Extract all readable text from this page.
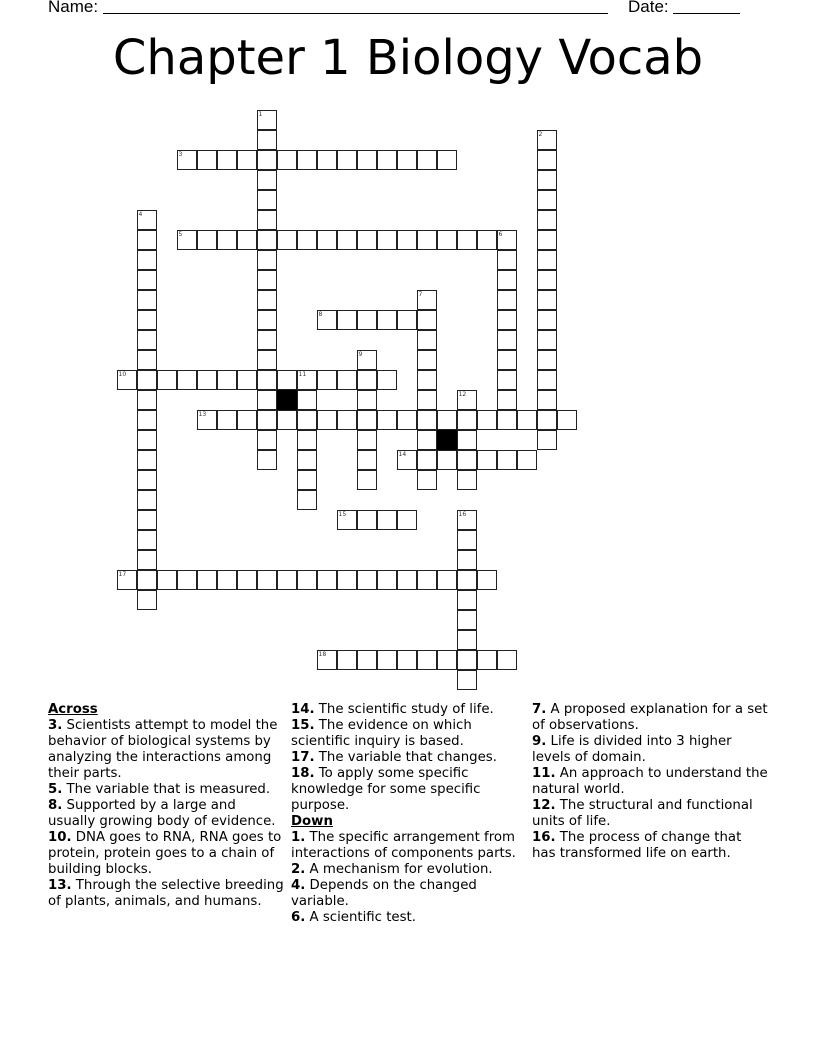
Name:	Date:
Chapter 1 Biology Vocab
1
2
3
4
5	6
7
8
9
10	11
12
13
14
15	16
17
18
Across
3. Scientists attempt to model the behavior of biological systems by analyzing the interactions among their parts.
5. The variable that is measured.
8. Supported by a large and usually growing body of evidence.
10. DNA goes to RNA, RNA goes to protein, protein goes to a chain of building blocks.
13. Through the selective breeding of plants, animals, and humans.
14. The scientific study of life.
15. The evidence on which scientific inquiry is based.
17. The variable that changes.
18. To apply some specific knowledge for some specific purpose.
Down
1. The specific arrangement from interactions of components parts.
2. A mechanism for evolution.
4. Depends on the changed variable.
6. A scientific test.
7. A proposed explanation for a set of observations.
9. Life is divided into 3 higher levels of domain.
11. An approach to understand the natural world.
12. The structural and functional units of life.
16. The process of change that has transformed life on earth.
